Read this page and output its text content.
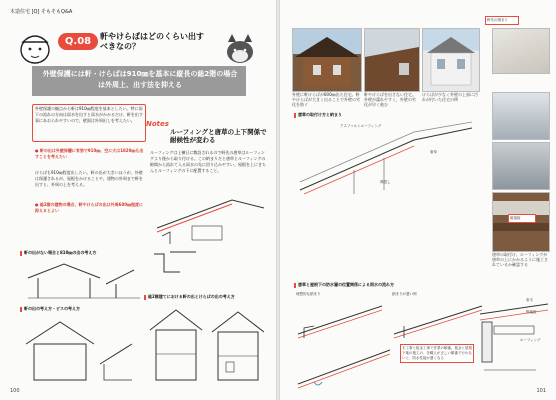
木造住宅 [Q] そもそもQ&A
Q.08	軒やけらばはどのくらい出すべきなの？
外壁保護には軒・けらばは910㎜を基本に縦長の総2階の場合は外周上、出す法を抑える
外壁保護の観点から軒は910㎜程度を基本としたい。特に雨下の流れの方向は雨水を出すと雨水がかかるだけ、軒を出す事にあおられやすいので、壁面は外周出しを考えたい。
● 軒の出は外壁保護に有効で910㎜、空に大は1820㎜も出すことを考えたい
けらばも910㎜程度出したい。軒の出が大きいほうが、外壁は保護されるが、屋根をかけることや、建物の外周まで軒を出すと、外周の上を考える。
● 総2階の建物の場合、軒やけらばの出は外周600㎜程度に抑えるとよい
Notes
ルーフィングと唐草の上下関係で耐候性が変わる
ルーフィングは上棟日に敷設されるので軒先の唐草はルーフィングより後から取り付ける。この納まりだと唐草とルーフィングの隙間から流れて入る雨水の先に回り込みやすい。屋根を上にきちんとルーフィングの下に配置すること。
軒の出がない場合と810㎜の出の考え方
軒の出の考え方・ピスの考え方
総2階建てにおける軒の出とけらばの出の考え方
100
軒先の納まり
外壁に軒けらばが800㎜出た住宅。軒やけらばが大きく出ることで外壁の劣化を防ぐ
軒やけらばを出さない住宅。外壁が濡れやすく、外壁の劣化が早く進む
けらばが少なく外壁の上部に汚れが付いた住宅の例
唐草の取付け方と納まり
アスファルトルーフィング
唐草
鼻隠し
破風板
唐草の取付け。ルーフィングが唐草の上にかかるように施工されているか確認する
唐草と屋根下の防水層の位置関係による雨水の流れ方
理想的な納まり	納まりが悪い例
木工事と板金工事で作業の順番。板金と屋根下地の施工の、各職人が正しい順番で行わないと、防水性能が悪くなる
垂木
野地板
ルーフィング
101
